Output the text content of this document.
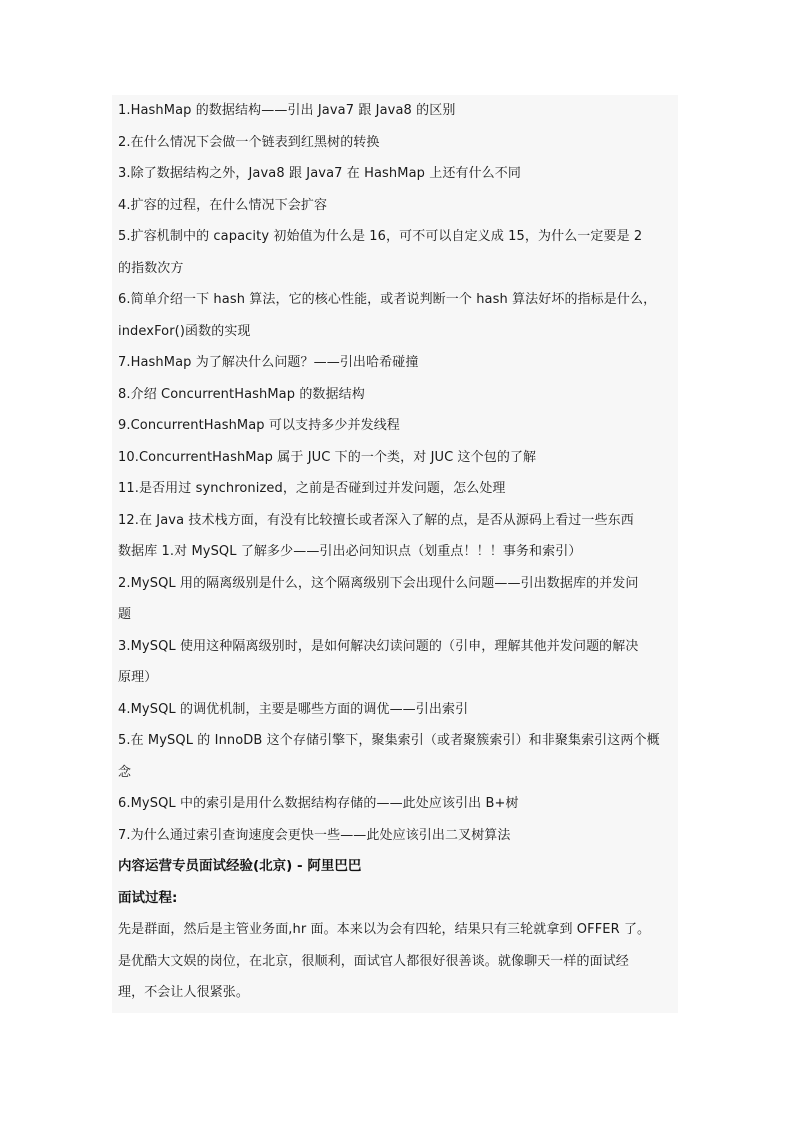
1.HashMap 的数据结构——引出 Java7 跟 Java8 的区别
2.在什么情况下会做一个链表到红黑树的转换
3.除了数据结构之外，Java8 跟 Java7 在 HashMap 上还有什么不同
4.扩容的过程，在什么情况下会扩容
5.扩容机制中的 capacity 初始值为什么是 16，可不可以自定义成 15，为什么一定要是 2
的指数次方
6.简单介绍一下 hash 算法，它的核心性能，或者说判断一个 hash 算法好坏的指标是什么，
indexFor()函数的实现
7.HashMap 为了解决什么问题？——引出哈希碰撞
8.介绍 ConcurrentHashMap 的数据结构
9.ConcurrentHashMap 可以支持多少并发线程
10.ConcurrentHashMap 属于 JUC 下的一个类，对 JUC 这个包的了解
11.是否用过 synchronized，之前是否碰到过并发问题，怎么处理
12.在 Java 技术栈方面，有没有比较擅长或者深入了解的点，是否从源码上看过一些东西
数据库 1.对 MySQL 了解多少——引出必问知识点（划重点！！！事务和索引）
2.MySQL 用的隔离级别是什么，这个隔离级别下会出现什么问题——引出数据库的并发问
题
3.MySQL 使用这种隔离级别时，是如何解决幻读问题的（引申，理解其他并发问题的解决
原理）
4.MySQL 的调优机制，主要是哪些方面的调优——引出索引
5.在 MySQL 的 InnoDB 这个存储引擎下，聚集索引（或者聚簇索引）和非聚集索引这两个概
念
6.MySQL 中的索引是用什么数据结构存储的——此处应该引出 B+树
7.为什么通过索引查询速度会更快一些——此处应该引出二叉树算法
内容运营专员面试经验(北京) - 阿里巴巴
面试过程:
先是群面，然后是主管业务面,hr 面。本来以为会有四轮，结果只有三轮就拿到 OFFER 了。
是优酷大文娱的岗位，在北京，很顺利，面试官人都很好很善谈。就像聊天一样的面试经
理，不会让人很紧张。
